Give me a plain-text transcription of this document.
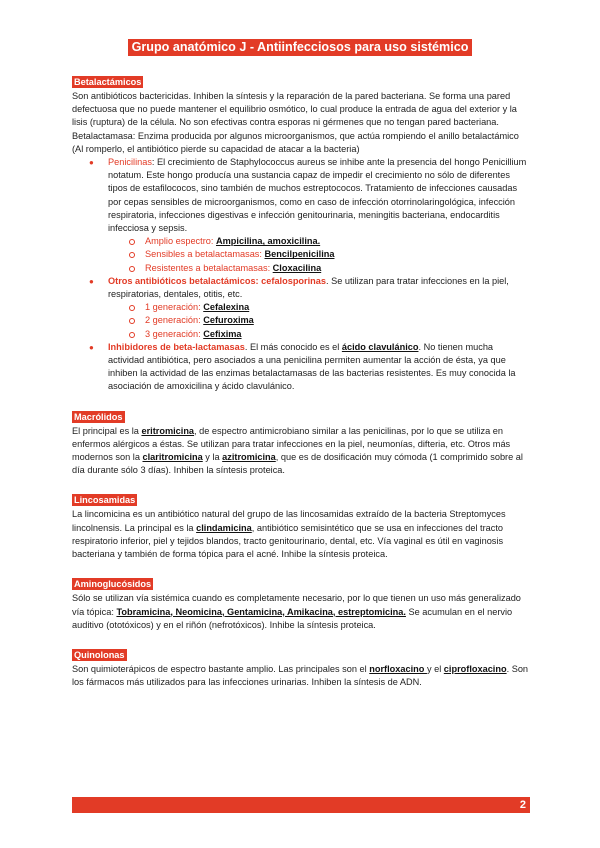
Grupo anatómico J - Antiinfecciosos para uso sistémico
Betalactámicos

Son antibióticos bactericidas. Inhiben la síntesis y la reparación de la pared bacteriana. Se forma una pared defectuosa que no puede mantener el equilibrio osmótico, lo cual produce la entrada de agua del exterior y la lisis (ruptura) de la célula. No son efectivas contra esporas ni gérmenes que no tengan pared bacteriana. Betalactamasa: Enzima producida por algunos microorganismos, que actúa rompiendo el anillo betalactámico (Al romperlo, el antibiótico pierde su capacidad de atacar a la bacteria)

● Penicilinas: El crecimiento de Staphylococcus aureus se inhibe ante la presencia del hongo Penicillium notatum. Este hongo producía una sustancia capaz de impedir el crecimiento no sólo de diferentes tipos de estafilococos, sino también de muchos estreptococos. Tratamiento de infecciones causadas por cepas sensibles de microorganismos, como en caso de infección otorrinolaringológica, infección respiratoria, infecciones digestivas e infección genitourinaria, meningitis bacteriana, endocarditis infecciosa y sepsis.
Amplio espectro: Ampicilina, amoxicilina.
Sensibles a betalactamasas: Bencilpenicilina
Resistentes a betalactamasas: Cloxacilina
● Otros antibióticos betalactámicos: cefalosporinas. Se utilizan para tratar infecciones en la piel, respiratorias, dentales, otitis, etc.
1 generación: Cefalexina
2 generación: Cefuroxima
3 generación: Cefixima
● Inhibidores de beta-lactamasas. El más conocido es el ácido clavulánico. No tienen mucha actividad antibiótica, pero asociados a una penicilina permiten aumentar la acción de ésta, ya que inhiben la actividad de las enzimas betalactamasas de las bacterias resistentes. Es muy conocida la asociación de amoxicilina y ácido clavulánico.
Macrólidos

El principal es la eritromicina, de espectro antimicrobiano similar a las penicilinas, por lo que se utiliza en enfermos alérgicos a éstas. Se utilizan para tratar infecciones en la piel, neumonías, difteria, etc. Otros más modernos son la claritromicina y la azitromicina, que es de dosificación muy cómoda (1 comprimido sobre al día durante sólo 3 días). Inhiben la síntesis proteica.

Lincosamidas

La lincomicina es un antibiótico natural del grupo de las lincosamidas extraído de la bacteria Streptomyces lincolnensis. La principal es la clindamicina, antibiótico semisintético que se usa en infecciones del tracto respiratorio inferior, piel y tejidos blandos, tracto genitourinario, dental, etc. Vía vaginal es útil en vaginosis bacteriana y también de forma tópica para el acné. Inhibe la síntesis proteica.

Aminoglucósidos

Sólo se utilizan vía sistémica cuando es completamente necesario, por lo que tienen un uso más generalizado vía tópica: Tobramicina, Neomicina, Gentamicina, Amikacina, estreptomicina. Se acumulan en el nervio auditivo (ototóxicos) y en el riñón (nefrotóxicos). Inhibe la síntesis proteica.

Quinolonas

Son quimioterápicos de espectro bastante amplio. Las principales son el norfloxacino y el ciprofloxacino. Son los fármacos más utilizados para las infecciones urinarias. Inhiben la síntesis de ADN.

2
